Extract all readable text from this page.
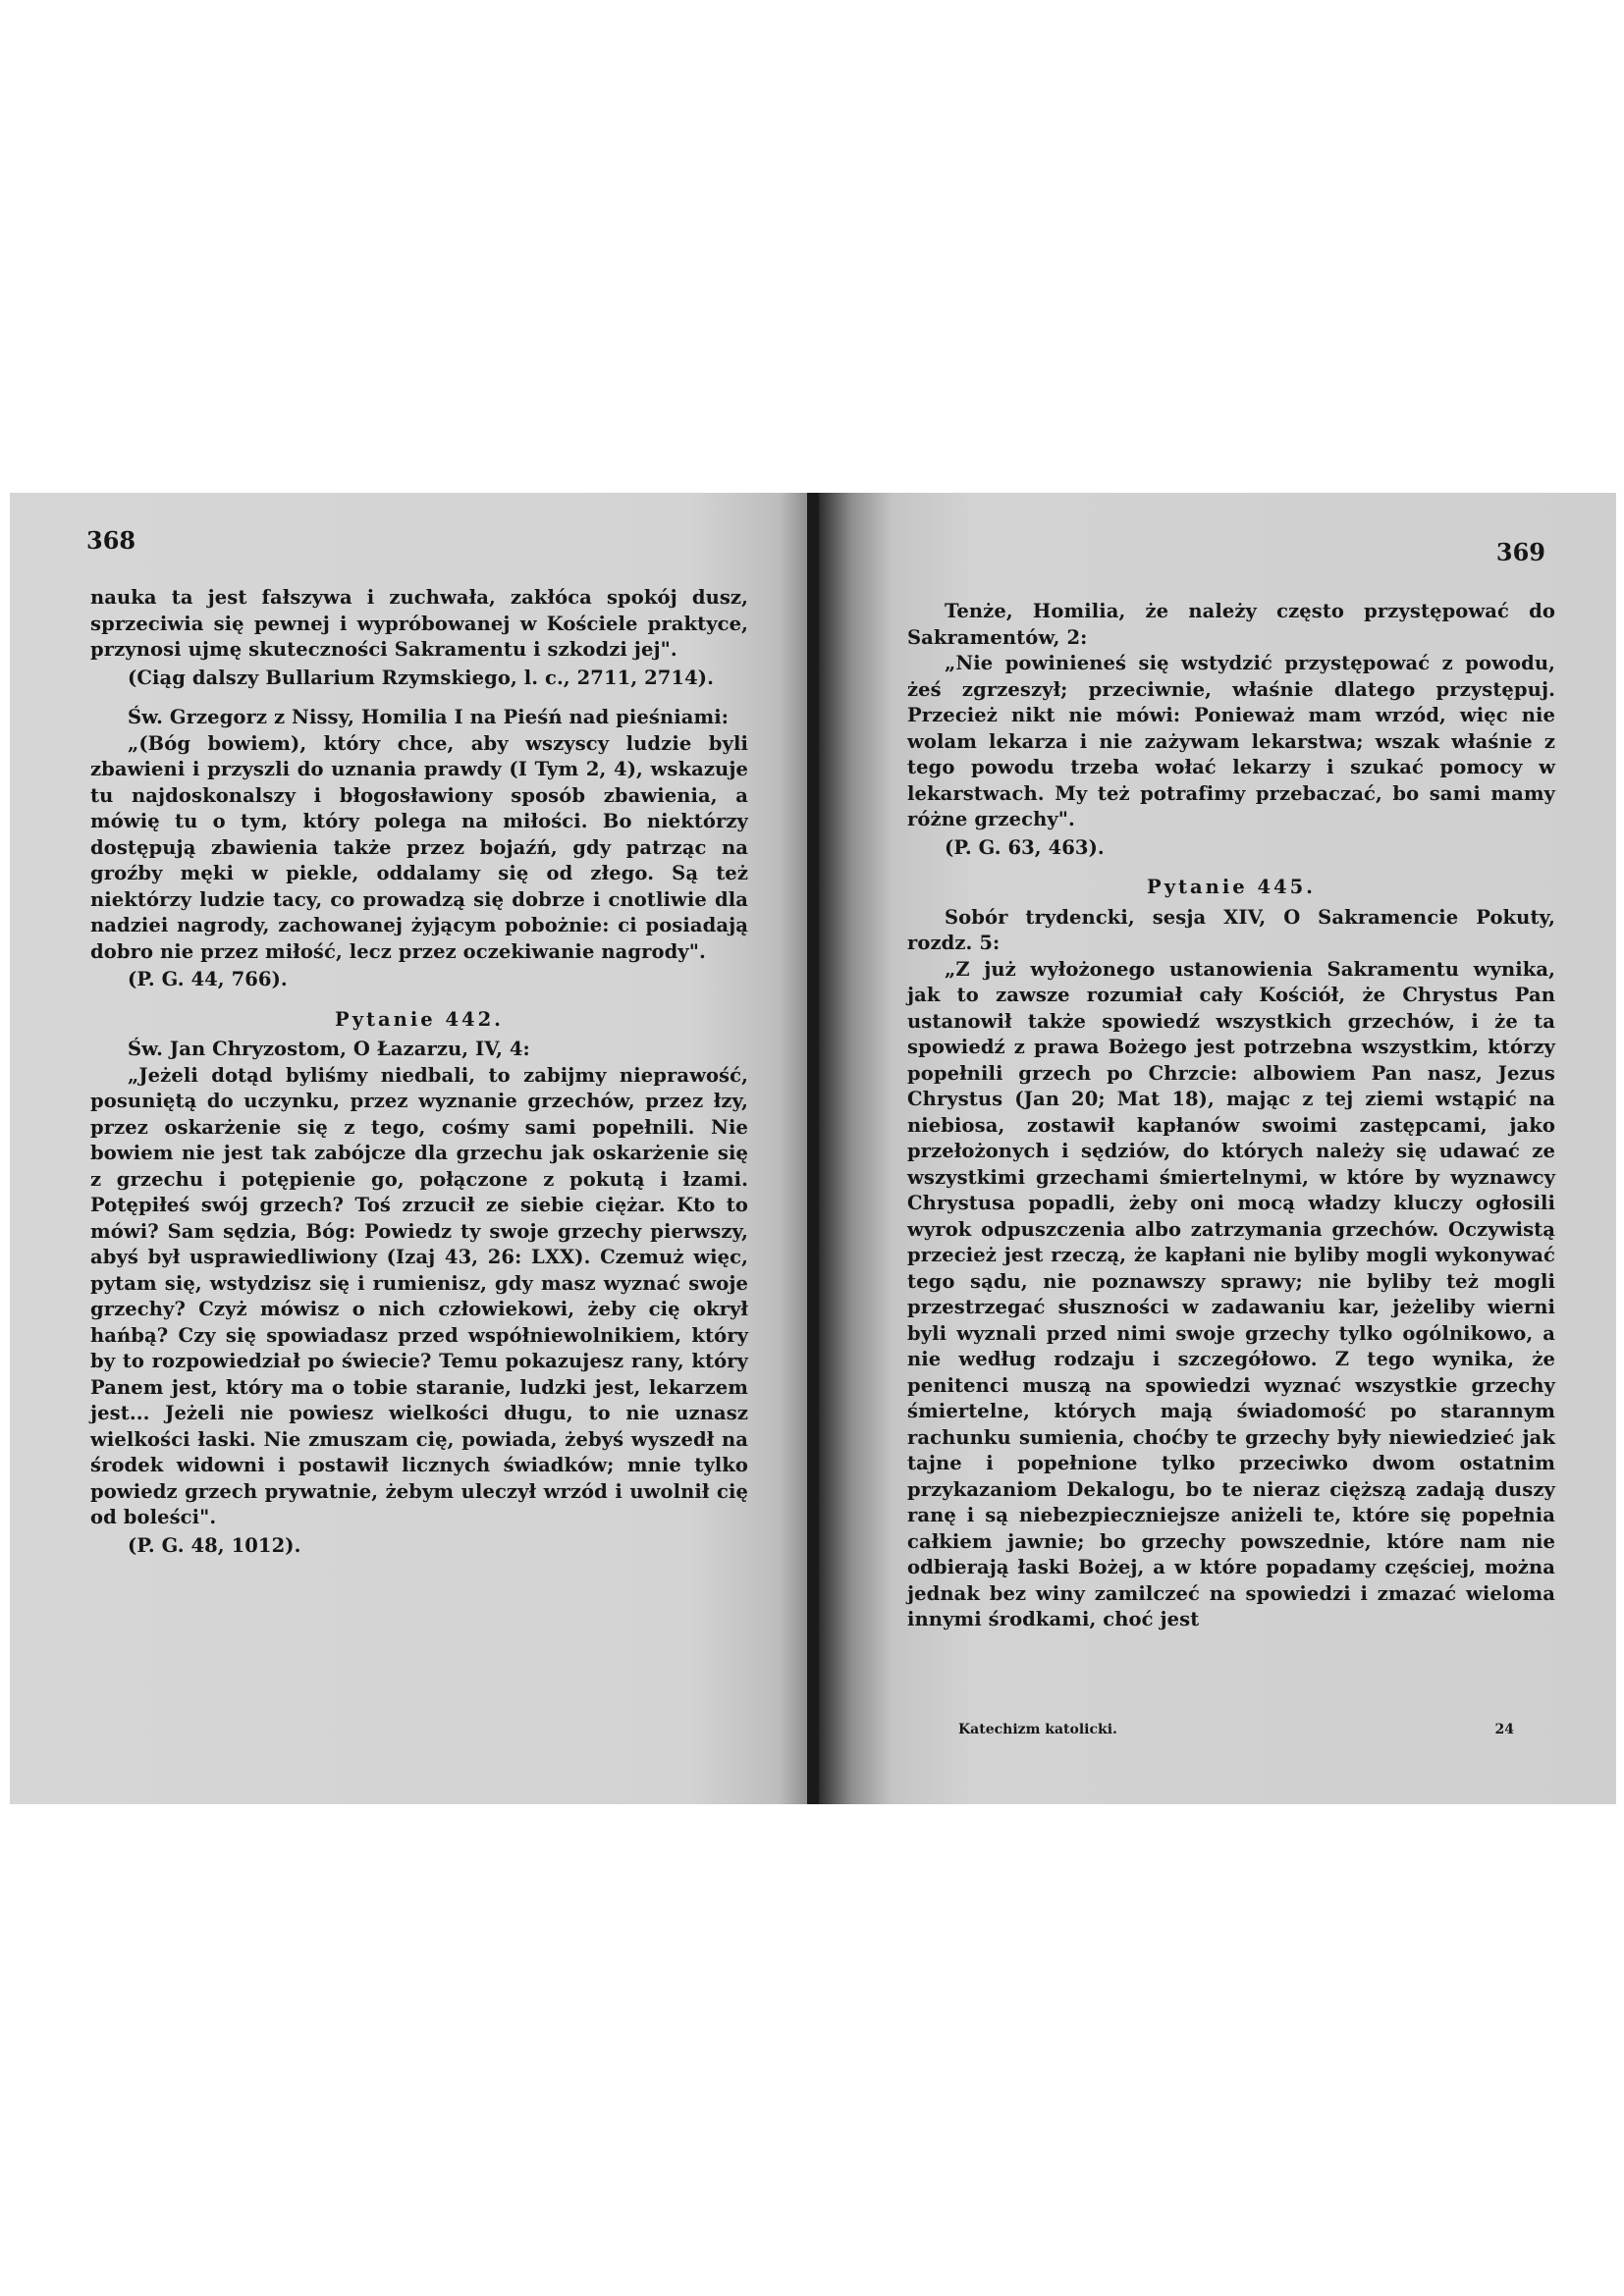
368

nauka ta jest fałszywa i zuchwała, zakłóca spokój dusz, sprzeciwia się pewnej i wypróbowanej w Kościele praktyce, przynosi ujmę skuteczności Sakramentu i szkodzi jej".

(Ciąg dalszy Bullarium Rzymskiego, l. c., 2711, 2714).

Św. Grzegorz z Nissy, Homilia I na Pieśń nad pieśniami:

„(Bóg bowiem), który chce, aby wszyscy ludzie byli zbawieni i przyszli do uznania prawdy (I Tym 2, 4), wskazuje tu najdoskonalszy i błogosławiony sposób zbawienia, a mówię tu o tym, który polega na miłości. Bo niektórzy dostępują zbawienia także przez bojaźń, gdy patrząc na groźby męki w piekle, oddalamy się od złego. Są też niektórzy ludzie tacy, co prowadzą się dobrze i cnotliwie dla nadziei nagrody, zachowanej żyjącym pobożnie: ci posiadają dobro nie przez miłość, lecz przez oczekiwanie nagrody".

(P. G. 44, 766).

Pytanie 442.

Św. Jan Chryzostom, O Łazarzu, IV, 4:

„Jeżeli dotąd byliśmy niedbali, to zabijmy nieprawość, posuniętą do uczynku, przez wyznanie grzechów, przez łzy, przez oskarżenie się z tego, cośmy sami popełnili. Nie bowiem nie jest tak zabójcze dla grzechu jak oskarżenie się z grzechu i potępienie go, połączone z pokutą i łzami. Potępiłeś swój grzech? Toś zrzucił ze siebie ciężar. Kto to mówi? Sam sędzia, Bóg: Powiedz ty swoje grzechy pierwszy, abyś był usprawiedliwiony (Izaj 43, 26: LXX). Czemuż więc, pytam się, wstydzisz się i rumienisz, gdy masz wyznać swoje grzechy? Czyż mówisz o nich człowiekowi, żeby cię okrył hańbą? Czy się spowiadasz przed współniewolnikiem, który by to rozpowiedział po świecie? Temu pokazujesz rany, który Panem jest, który ma o tobie staranie, ludzki jest, lekarzem jest... Jeżeli nie powiesz wielkości długu, to nie uznasz wielkości łaski. Nie zmuszam cię, powiada, żebyś wyszedł na środek widowni i postawił licznych świadków; mnie tylko powiedz grzech prywatnie, żebym uleczył wrzód i uwolnił cię od boleści".

(P. G. 48, 1012).

369

Tenże, Homilia, że należy często przystępować do Sakramentów, 2:

„Nie powinieneś się wstydzić przystępować z powodu, żeś zgrzeszył; przeciwnie, właśnie dlatego przystępuj. Przecież nikt nie mówi: Ponieważ mam wrzód, więc nie wolam lekarza i nie zażywam lekarstwa; wszak właśnie z tego powodu trzeba wołać lekarzy i szukać pomocy w lekarstwach. My też potrafimy przebaczać, bo sami mamy różne grzechy".

(P. G. 63, 463).

Pytanie 445.

Sobór trydencki, sesja XIV, O Sakramencie Pokuty, rozdz. 5:

„Z już wyłożonego ustanowienia Sakramentu wynika, jak to zawsze rozumiał cały Kościół, że Chrystus Pan ustanowił także spowiedź wszystkich grzechów, i że ta spowiedź z prawa Bożego jest potrzebna wszystkim, którzy popełnili grzech po Chrzcie: albowiem Pan nasz, Jezus Chrystus (Jan 20; Mat 18), mając z tej ziemi wstąpić na niebiosa, zostawił kapłanów swoimi zastępcami, jako przełożonych i sędziów, do których należy się udawać ze wszystkimi grzechami śmiertelnymi, w które by wyznawcy Chrystusa popadli, żeby oni mocą władzy kluczy ogłosili wyrok odpuszczenia albo zatrzymania grzechów. Oczywistą przecież jest rzeczą, że kapłani nie byliby mogli wykonywać tego sądu, nie poznawszy sprawy; nie byliby też mogli przestrzegać słuszności w zadawaniu kar, jeżeliby wierni byli wyznali przed nimi swoje grzechy tylko ogólnikowo, a nie według rodzaju i szczegółowo. Z tego wynika, że penitenci muszą na spowiedzi wyznać wszystkie grzechy śmiertelne, których mają świadomość po starannym rachunku sumienia, choćby te grzechy były niewiedzieć jak tajne i popełnione tylko przeciwko dwom ostatnim przykazaniom Dekalogu, bo te nieraz cięższą zadają duszy ranę i są niebezpieczniejsze aniżeli te, które się popełnia całkiem jawnie; bo grzechy powszednie, które nam nie odbierają łaski Bożej, a w które popadamy częściej, można jednak bez winy zamilczeć na spowiedzi i zmazać wieloma innymi środkami, choć jest

Katechizm katolicki.	24
